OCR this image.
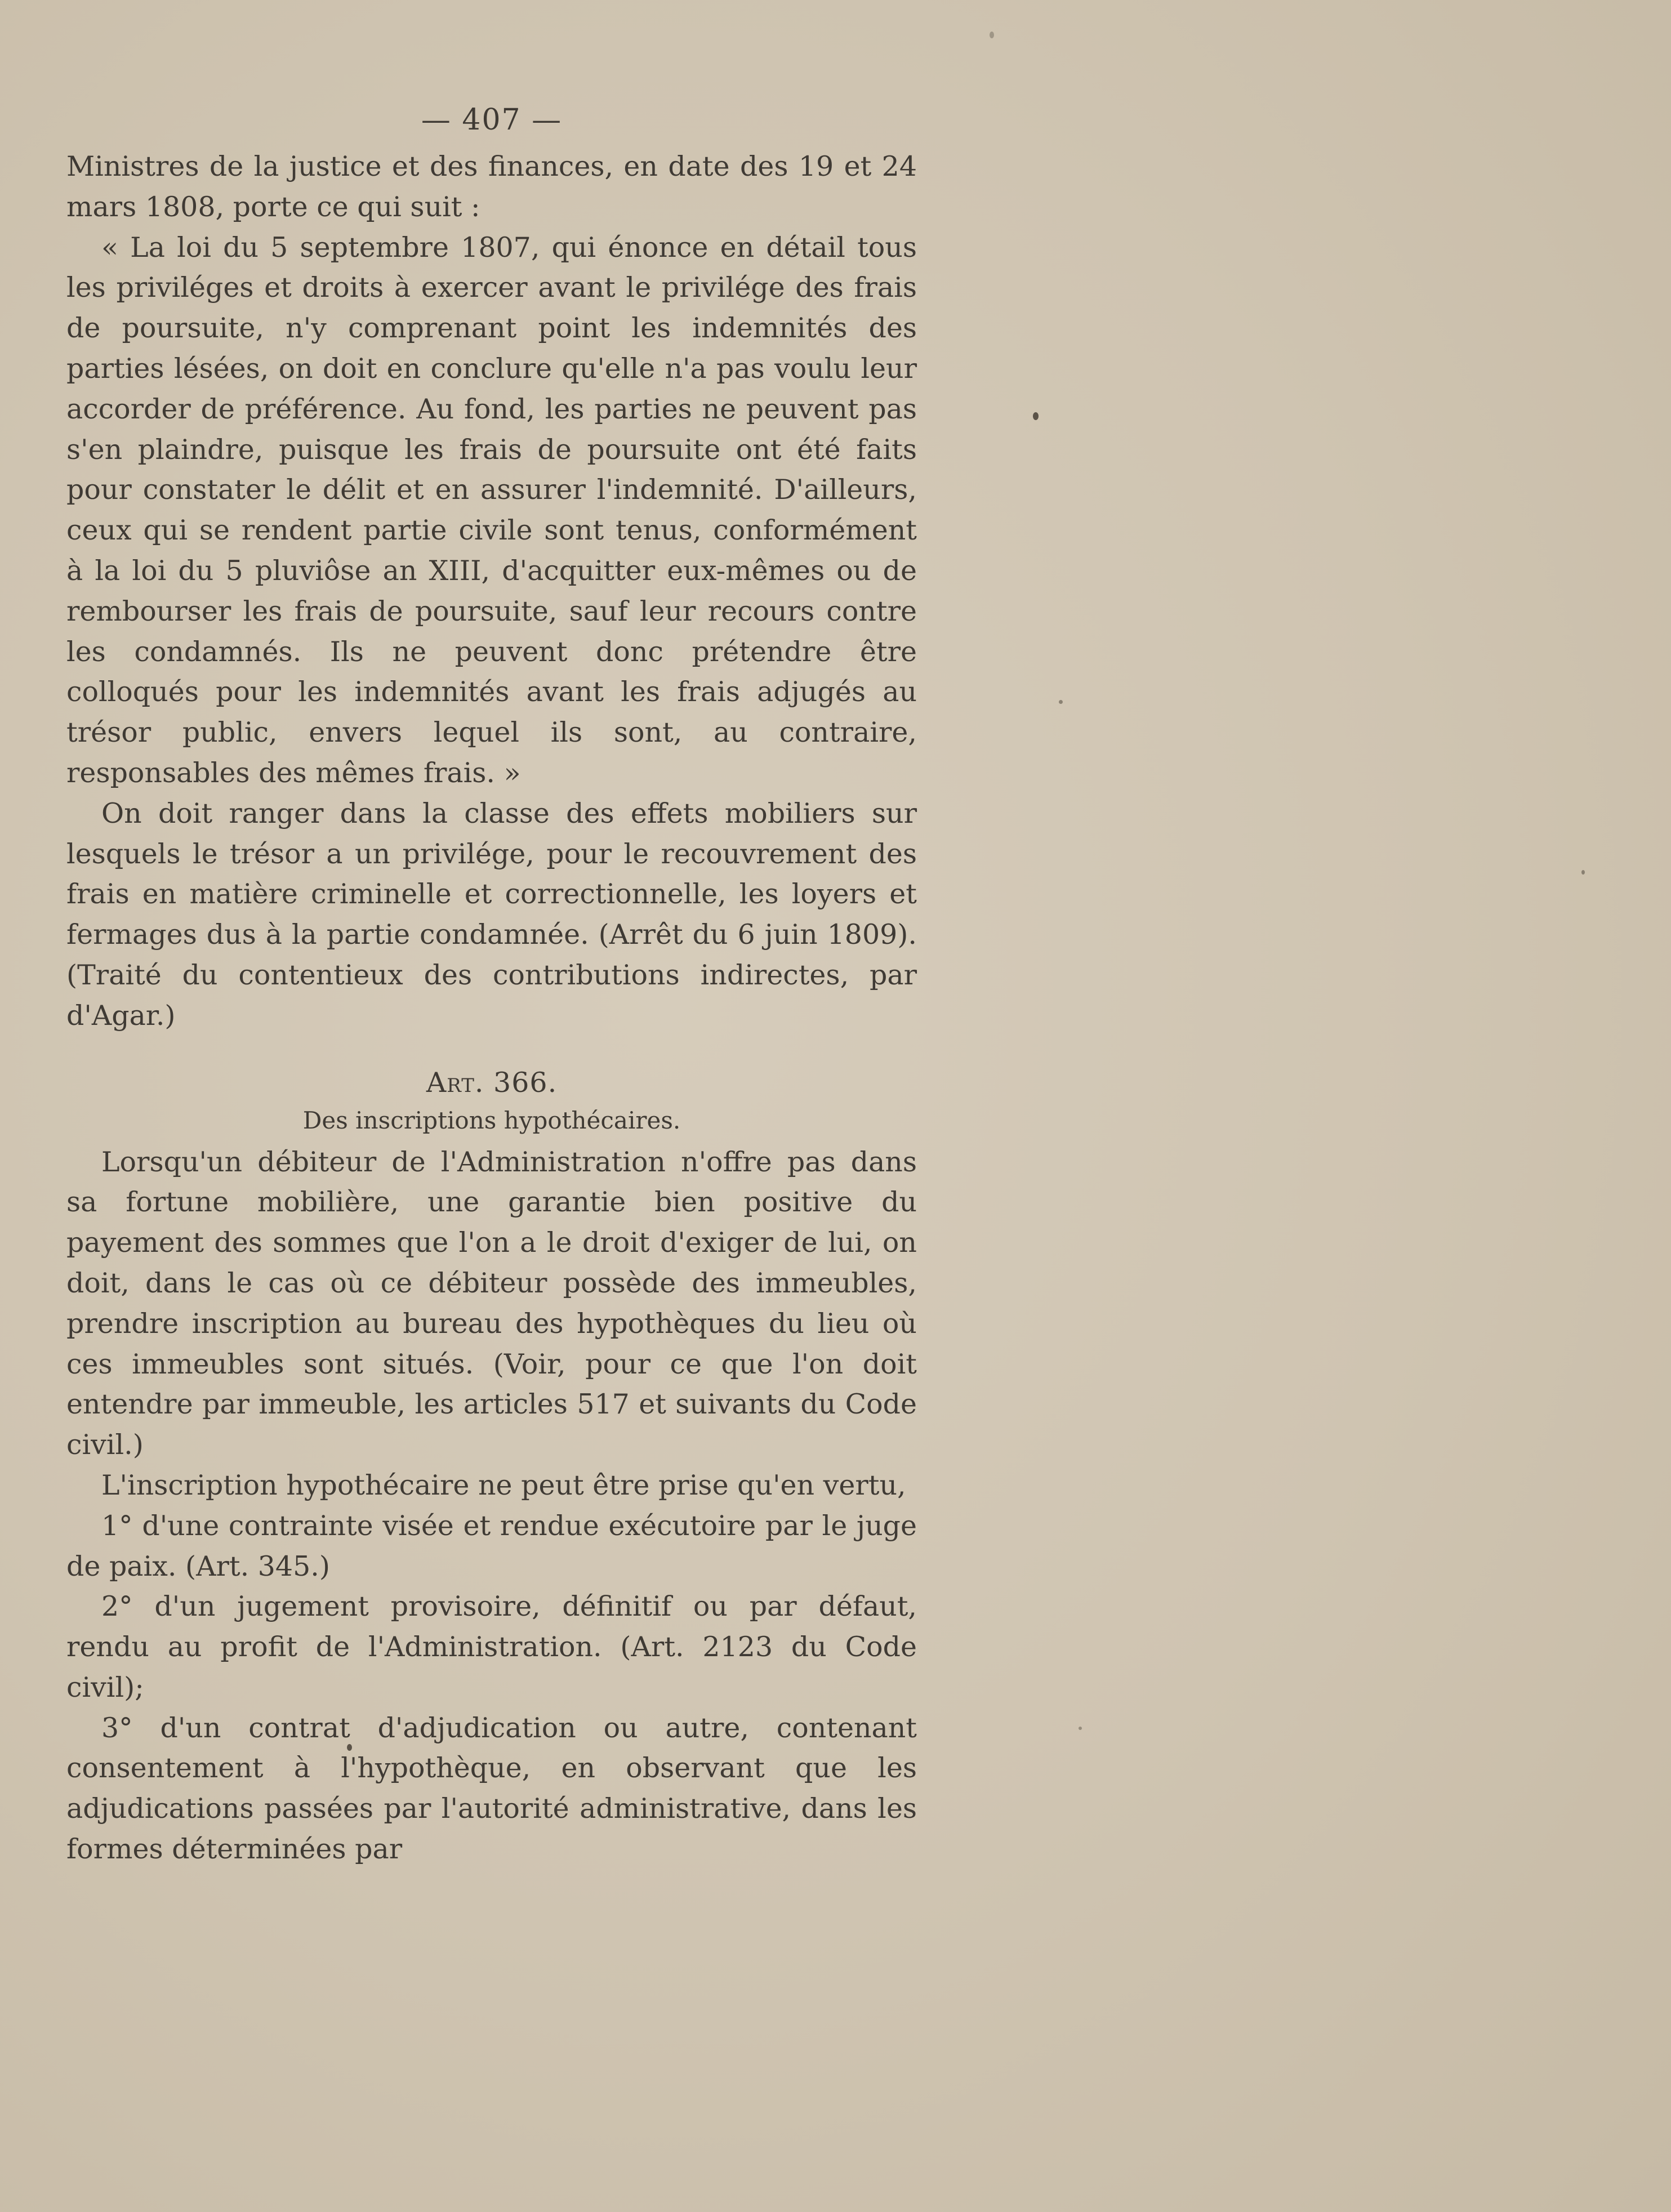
— 407 —

Ministres de la justice et des finances, en date des 19 et 24 mars 1808, porte ce qui suit :

« La loi du 5 septembre 1807, qui énonce en détail tous les priviléges et droits à exercer avant le privilége des frais de poursuite, n'y comprenant point les indemnités des parties lésées, on doit en conclure qu'elle n'a pas voulu leur accorder de préférence. Au fond, les parties ne peuvent pas s'en plaindre, puisque les frais de poursuite ont été faits pour constater le délit et en assurer l'indemnité. D'ailleurs, ceux qui se rendent partie civile sont tenus, conformément à la loi du 5 pluviôse an XIII, d'acquitter eux-mêmes ou de rembourser les frais de poursuite, sauf leur recours contre les condamnés. Ils ne peuvent donc prétendre être colloqués pour les indemnités avant les frais adjugés au trésor public, envers lequel ils sont, au contraire, responsables des mêmes frais. »

On doit ranger dans la classe des effets mobiliers sur lesquels le trésor a un privilége, pour le recouvrement des frais en matière criminelle et correctionnelle, les loyers et fermages dus à la partie condamnée. (Arrêt du 6 juin 1809). (Traité du contentieux des contributions indirectes, par d'Agar.)

Art. 366.
Des inscriptions hypothécaires.

Lorsqu'un débiteur de l'Administration n'offre pas dans sa fortune mobilière, une garantie bien positive du payement des sommes que l'on a le droit d'exiger de lui, on doit, dans le cas où ce débiteur possède des immeubles, prendre inscription au bureau des hypothèques du lieu où ces immeubles sont situés. (Voir, pour ce que l'on doit entendre par immeuble, les articles 517 et suivants du Code civil.)

L'inscription hypothécaire ne peut être prise qu'en vertu,

1° d'une contrainte visée et rendue exécutoire par le juge de paix. (Art. 345.)

2° d'un jugement provisoire, définitif ou par défaut, rendu au profit de l'Administration. (Art. 2123 du Code civil);

3° d'un contrat d'adjudication ou autre, contenant consentement à l'hypothèque, en observant que les adjudications passées par l'autorité administrative, dans les formes déterminées par
